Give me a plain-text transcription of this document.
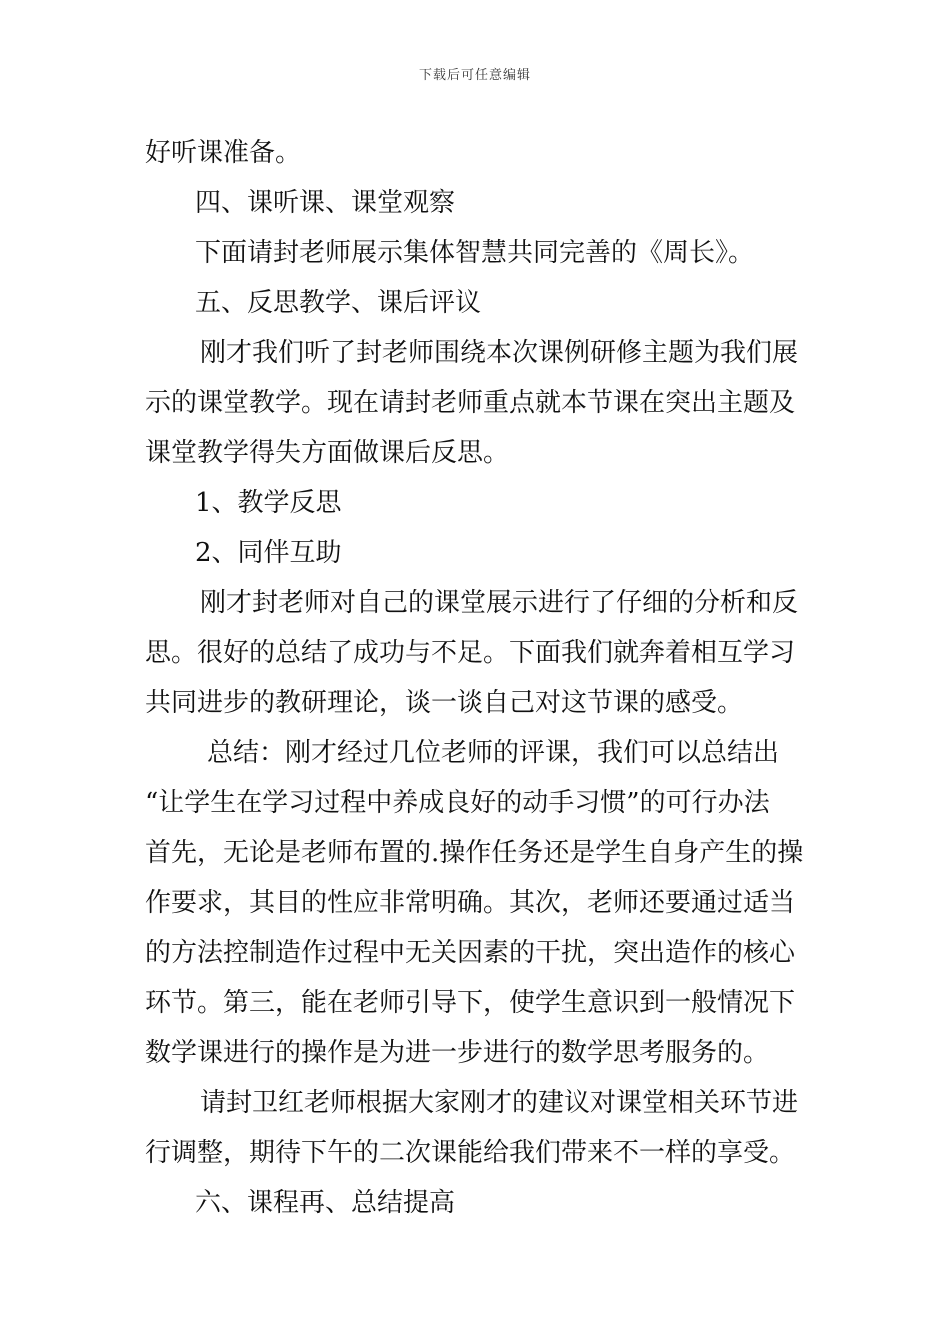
下载后可任意编辑
好听课准备。
四、课听课、课堂观察
下面请封老师展示集体智慧共同完善的《周长》。
五、反思教学、课后评议
刚才我们听了封老师围绕本次课例研修主题为我们展
示的课堂教学。现在请封老师重点就本节课在突出主题及
课堂教学得失方面做课后反思。
1、教学反思
2、同伴互助
刚才封老师对自己的课堂展示进行了仔细的分析和反
思。很好的总结了成功与不足。下面我们就奔着相互学习
共同进步的教研理论，谈一谈自己对这节课的感受。
总结：刚才经过几位老师的评课，我们可以总结出
“让学生在学习过程中养成良好的动手习惯”的可行办法
首先，无论是老师布置的.操作任务还是学生自身产生的操
作要求，其目的性应非常明确。其次，老师还要通过适当
的方法控制造作过程中无关因素的干扰，突出造作的核心
环节。第三，能在老师引导下，使学生意识到一般情况下
数学课进行的操作是为进一步进行的数学思考服务的。
请封卫红老师根据大家刚才的建议对课堂相关环节进
行调整，期待下午的二次课能给我们带来不一样的享受。
六、课程再、总结提高
